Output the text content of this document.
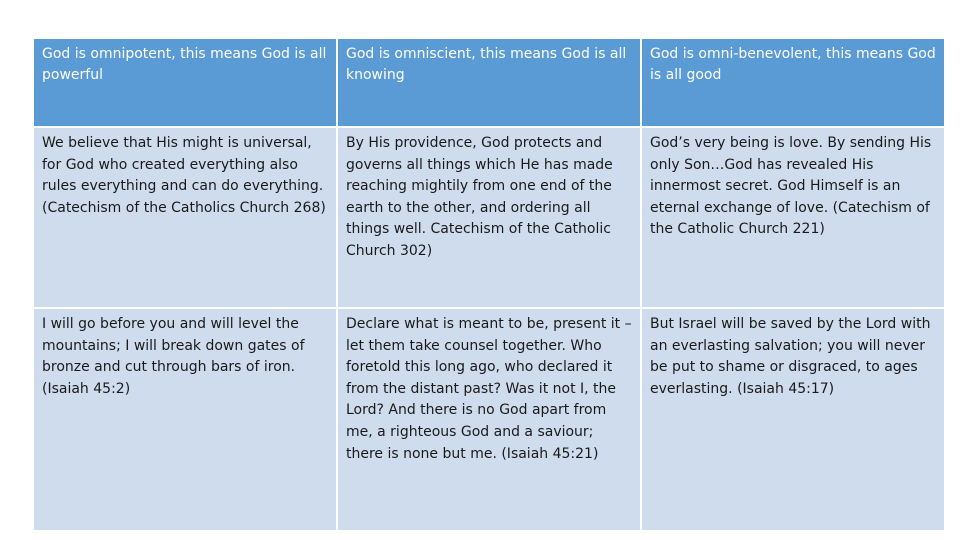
God is omnipotent, this means God is all powerful	God is omniscient, this means God is all knowing	God is omni-benevolent, this means God is all good
We believe that His might is universal, for God who created everything also rules everything and can do everything. (Catechism of the Catholics Church 268)	By His providence, God protects and governs all things which He has made reaching mightily from one end of the earth to the other, and ordering all things well. Catechism of the Catholic Church 302)	God’s very being is love. By sending His only Son…God has revealed His innermost secret. God Himself is an eternal exchange of love. (Catechism of the Catholic Church 221)
I will go before you and will level the mountains; I will break down gates of bronze and cut through bars of iron. (Isaiah 45:2)	Declare what is meant to be, present it – let them take counsel together. Who foretold this long ago, who declared it from the distant past? Was it not I, the Lord? And there is no God apart from me, a righteous God and a saviour; there is none but me. (Isaiah 45:21)	But Israel will be saved by the Lord with an everlasting salvation; you will never be put to shame or disgraced, to ages everlasting. (Isaiah 45:17)
